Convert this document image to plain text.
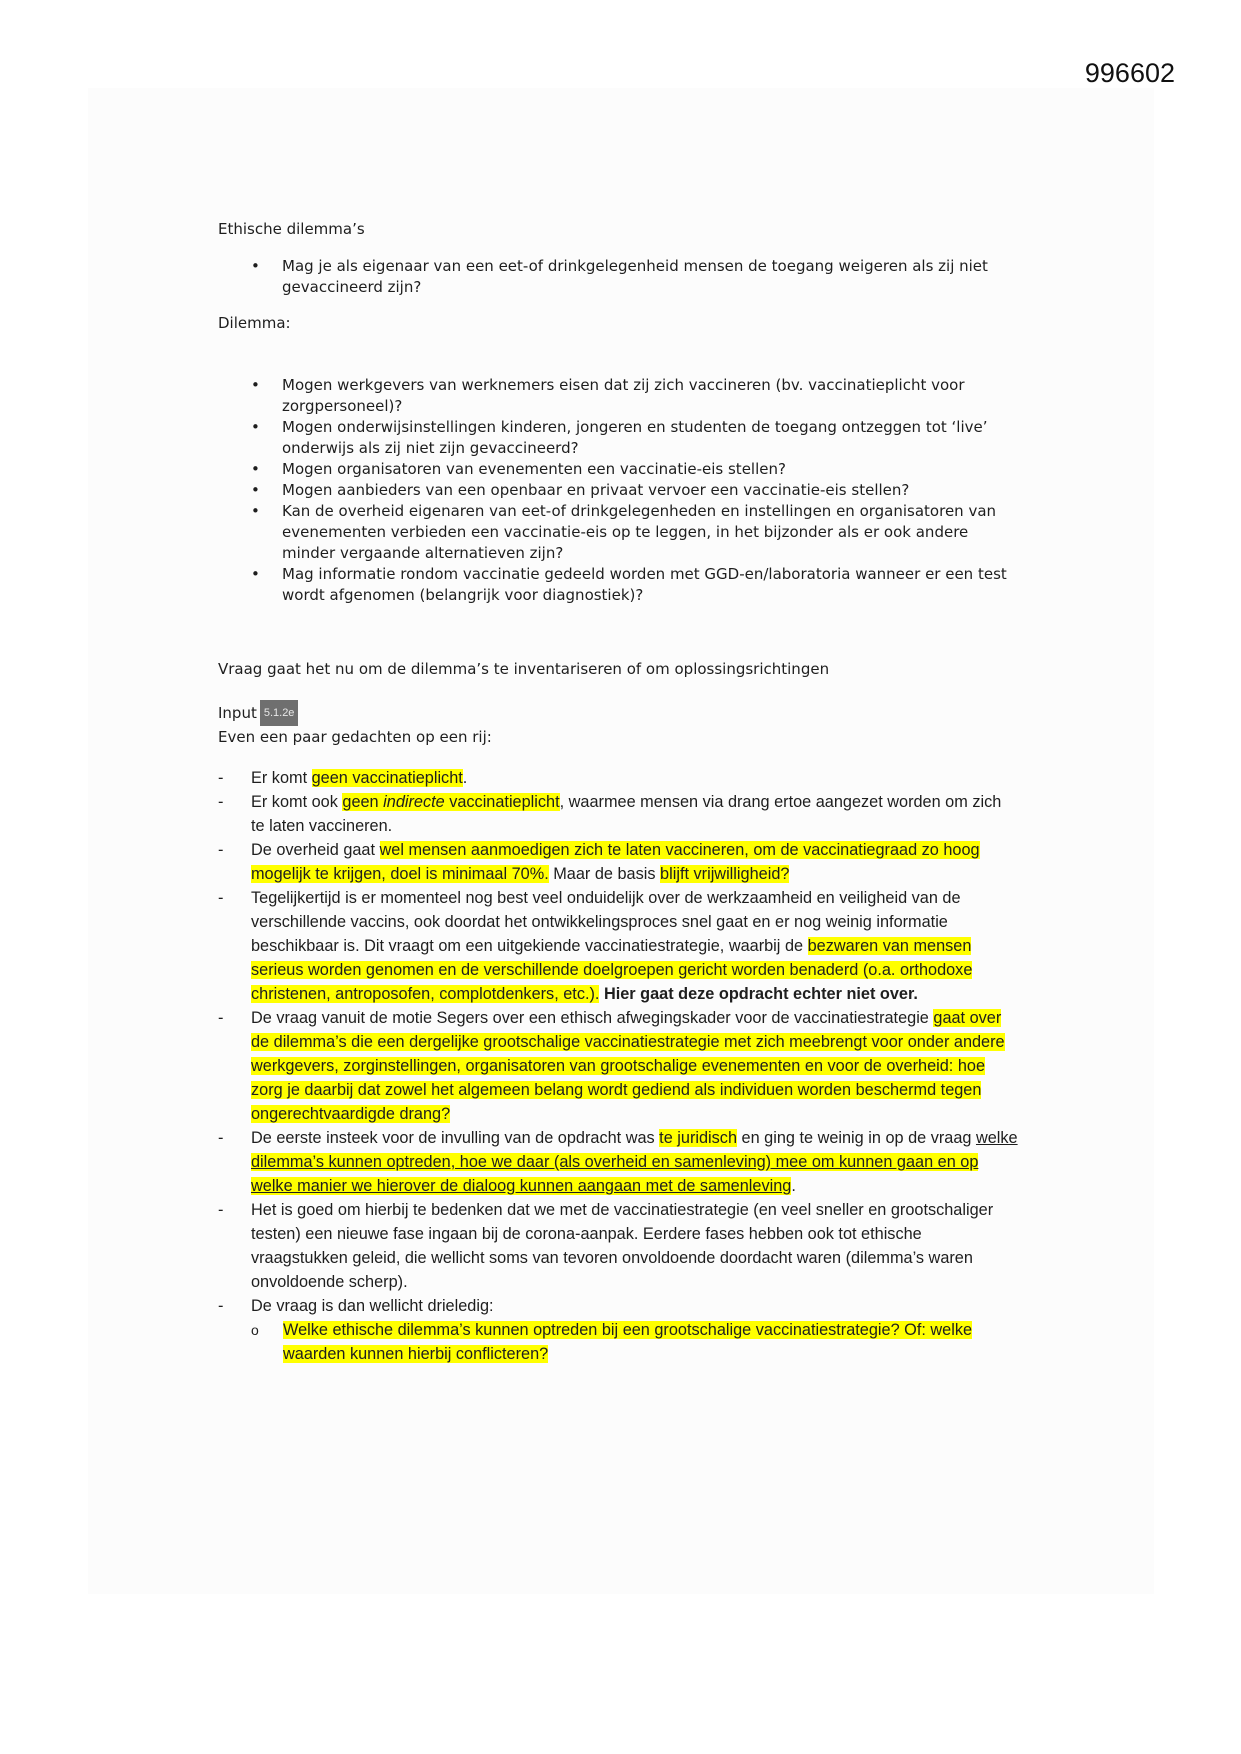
996602

Ethische dilemma’s

• Mag je als eigenaar van een eet-of drinkgelegenheid mensen de toegang weigeren als zij niet gevaccineerd zijn?

Dilemma:

• Mogen werkgevers van werknemers eisen dat zij zich vaccineren (bv. vaccinatieplicht voor zorgpersoneel)?
• Mogen onderwijsinstellingen kinderen, jongeren en studenten de toegang ontzeggen tot ‘live’ onderwijs als zij niet zijn gevaccineerd?
• Mogen organisatoren van evenementen een vaccinatie-eis stellen?
• Mogen aanbieders van een openbaar en privaat vervoer een vaccinatie-eis stellen?
• Kan de overheid eigenaren van eet-of drinkgelegenheden en instellingen en organisatoren van evenementen verbieden een vaccinatie-eis op te leggen, in het bijzonder als er ook andere minder vergaande alternatieven zijn?
• Mag informatie rondom vaccinatie gedeeld worden met GGD-en/laboratoria wanneer er een test wordt afgenomen (belangrijk voor diagnostiek)?

Vraag gaat het nu om de dilemma’s te inventariseren of om oplossingsrichtingen

Input 5.1.2e

Even een paar gedachten op een rij:

- Er komt geen vaccinatieplicht.
- Er komt ook geen indirecte vaccinatieplicht, waarmee mensen via drang ertoe aangezet worden om zich te laten vaccineren.
- De overheid gaat wel mensen aanmoedigen zich te laten vaccineren, om de vaccinatiegraad zo hoog mogelijk te krijgen, doel is minimaal 70%. Maar de basis blijft vrijwilligheid?
- Tegelijkertijd is er momenteel nog best veel onduidelijk over de werkzaamheid en veiligheid van de verschillende vaccins, ook doordat het ontwikkelingsproces snel gaat en er nog weinig informatie beschikbaar is. Dit vraagt om een uitgekiende vaccinatiestrategie, waarbij de bezwaren van mensen serieus worden genomen en de verschillende doelgroepen gericht worden benaderd (o.a. orthodoxe christenen, antroposofen, complotdenkers, etc.). Hier gaat deze opdracht echter niet over.
- De vraag vanuit de motie Segers over een ethisch afwegingskader voor de vaccinatiestrategie gaat over de dilemma’s die een dergelijke grootschalige vaccinatiestrategie met zich meebrengt voor onder andere werkgevers, zorginstellingen, organisatoren van grootschalige evenementen en voor de overheid: hoe zorg je daarbij dat zowel het algemeen belang wordt gediend als individuen worden beschermd tegen ongerechtvaardigde drang?
- De eerste insteek voor de invulling van de opdracht was te juridisch en ging te weinig in op de vraag welke dilemma’s kunnen optreden, hoe we daar (als overheid en samenleving) mee om kunnen gaan en op welke manier we hierover de dialoog kunnen aangaan met de samenleving.
- Het is goed om hierbij te bedenken dat we met de vaccinatiestrategie (en veel sneller en grootschaliger testen) een nieuwe fase ingaan bij de corona-aanpak. Eerdere fases hebben ook tot ethische vraagstukken geleid, die wellicht soms van tevoren onvoldoende doordacht waren (dilemma’s waren onvoldoende scherp).
- De vraag is dan wellicht drieledig:
o Welke ethische dilemma’s kunnen optreden bij een grootschalige vaccinatiestrategie? Of: welke waarden kunnen hierbij conflicteren?
